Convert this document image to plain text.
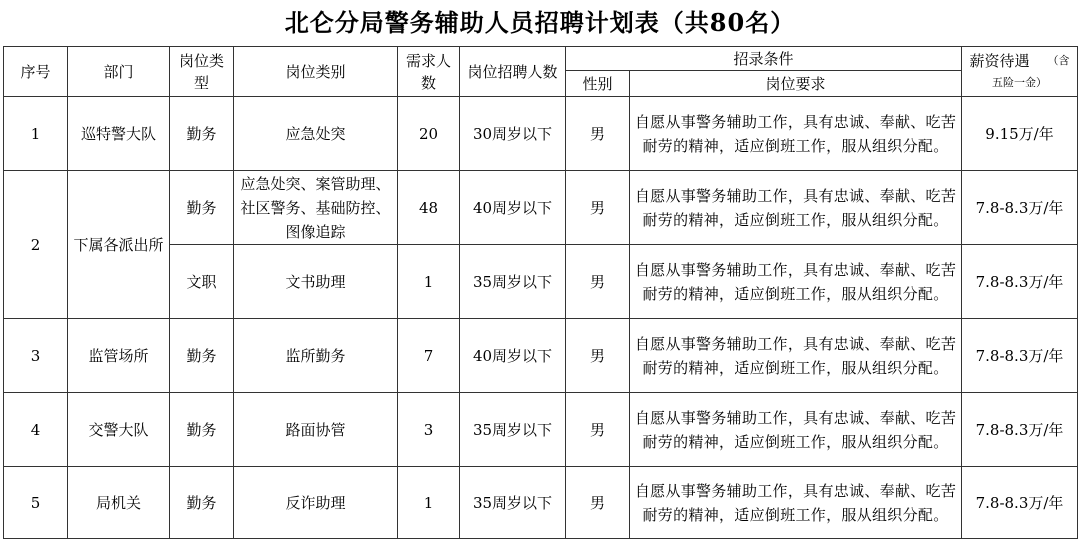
北仑分局警务辅助人员招聘计划表（共80名）
序号	部门	岗位类型	岗位类别	需求人数	岗位招聘人数	招录条件		薪资待遇 （含五险一金）
						性别	岗位要求	
1	巡特警大队	勤务	应急处突	20	30周岁以下	男	自愿从事警务辅助工作，具有忠诚、奉献、吃苦耐劳的精神，适应倒班工作，服从组织分配。	9.15万/年
2	下属各派出所	勤务	应急处突、案管助理、社区警务、基础防控、图像追踪	48	40周岁以下	男	自愿从事警务辅助工作，具有忠诚、奉献、吃苦耐劳的精神，适应倒班工作，服从组织分配。	7.8-8.3万/年
		文职	文书助理	1	35周岁以下	男	自愿从事警务辅助工作，具有忠诚、奉献、吃苦耐劳的精神，适应倒班工作，服从组织分配。	7.8-8.3万/年
3	监管场所	勤务	监所勤务	7	40周岁以下	男	自愿从事警务辅助工作，具有忠诚、奉献、吃苦耐劳的精神，适应倒班工作，服从组织分配。	7.8-8.3万/年
4	交警大队	勤务	路面协管	3	35周岁以下	男	自愿从事警务辅助工作，具有忠诚、奉献、吃苦耐劳的精神，适应倒班工作，服从组织分配。	7.8-8.3万/年
5	局机关	勤务	反诈助理	1	35周岁以下	男	自愿从事警务辅助工作，具有忠诚、奉献、吃苦耐劳的精神，适应倒班工作，服从组织分配。	7.8-8.3万/年
